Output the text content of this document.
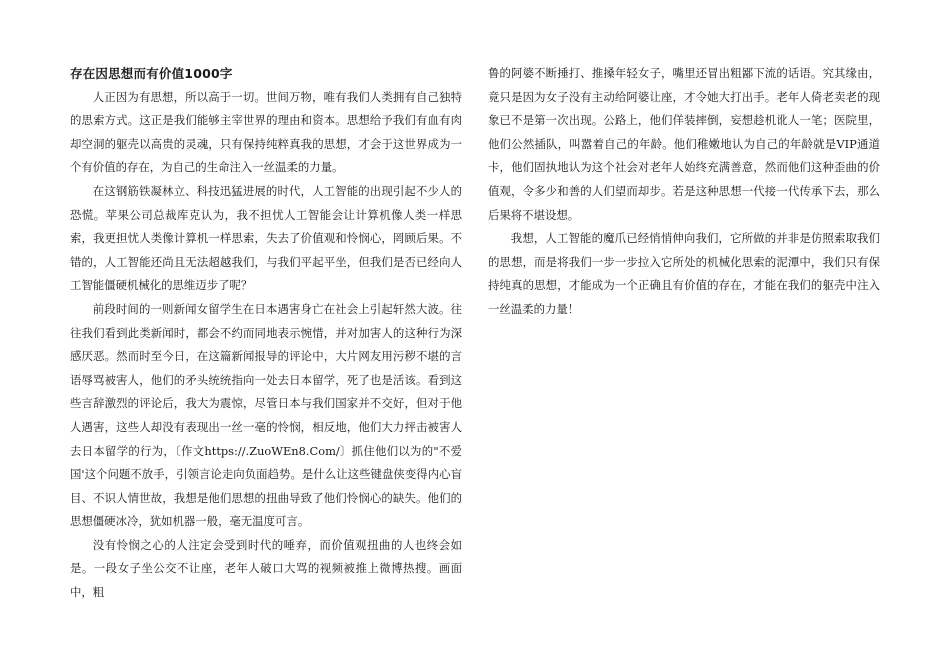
存在因思想而有价值1000字

人正因为有思想，所以高于一切。世间万物，唯有我们人类拥有自己独特的思索方式。这正是我们能够主宰世界的理由和资本。思想给予我们有血有肉却空洞的躯壳以高贵的灵魂，只有保持纯粹真我的思想，才会于这世界成为一个有价值的存在，为自己的生命注入一丝温柔的力量。

在这钢筋铁凝林立、科技迅猛进展的时代，人工智能的出现引起不少人的恐慌。苹果公司总裁库克认为，我不担忧人工智能会让计算机像人类一样思索，我更担忧人类像计算机一样思索，失去了价值观和怜悯心，罔顾后果。不错的，人工智能还尚且无法超越我们，与我们平起平坐，但我们是否已经向人工智能僵硬机械化的思维迈步了呢？

前段时间的一则新闻女留学生在日本遇害身亡在社会上引起轩然大波。往往我们看到此类新闻时，都会不约而同地表示惋惜，并对加害人的这种行为深感厌恶。然而时至今日，在这篇新闻报导的评论中，大片网友用污秽不堪的言语辱骂被害人，他们的矛头统统指向一处去日本留学，死了也是活该。看到这些言辞激烈的评论后，我大为震惊，尽管日本与我们国家并不交好，但对于他人遇害，这些人却没有表现出一丝一毫的怜悯，相反地，他们大力抨击被害人去日本留学的行为，〔作文https://.ZuoWEn8.Com/〕抓住他们以为的"不爱国'这个问题不放手，引领言论走向负面趋势。是什么让这些键盘侠变得内心盲目、不识人情世故，我想是他们思想的扭曲导致了他们怜悯心的缺失。他们的思想僵硬冰冷，犹如机器一般，毫无温度可言。

没有怜悯之心的人注定会受到时代的唾弃，而价值观扭曲的人也终会如是。一段女子坐公交不让座，老年人破口大骂的视频被推上微博热搜。画面中，粗

鲁的阿婆不断捶打、推搡年轻女子，嘴里还冒出粗鄙下流的话语。究其缘由，竟只是因为女子没有主动给阿婆让座，才令她大打出手。老年人倚老卖老的现象已不是第一次出现。公路上，他们佯装摔倒，妄想趁机讹人一笔；医院里，他们公然插队，叫嚣着自己的年龄。他们稚嫩地认为自己的年龄就是VIP通道卡，他们固执地认为这个社会对老年人始终充满善意，然而他们这种歪曲的价值观，令多少和善的人们望而却步。若是这种思想一代接一代传承下去，那么后果将不堪设想。

我想，人工智能的魔爪已经悄悄伸向我们，它所做的并非是仿照索取我们的思想，而是将我们一步一步拉入它所处的机械化思索的泥潭中，我们只有保持纯真的思想，才能成为一个正确且有价值的存在，才能在我们的躯壳中注入一丝温柔的力量！
